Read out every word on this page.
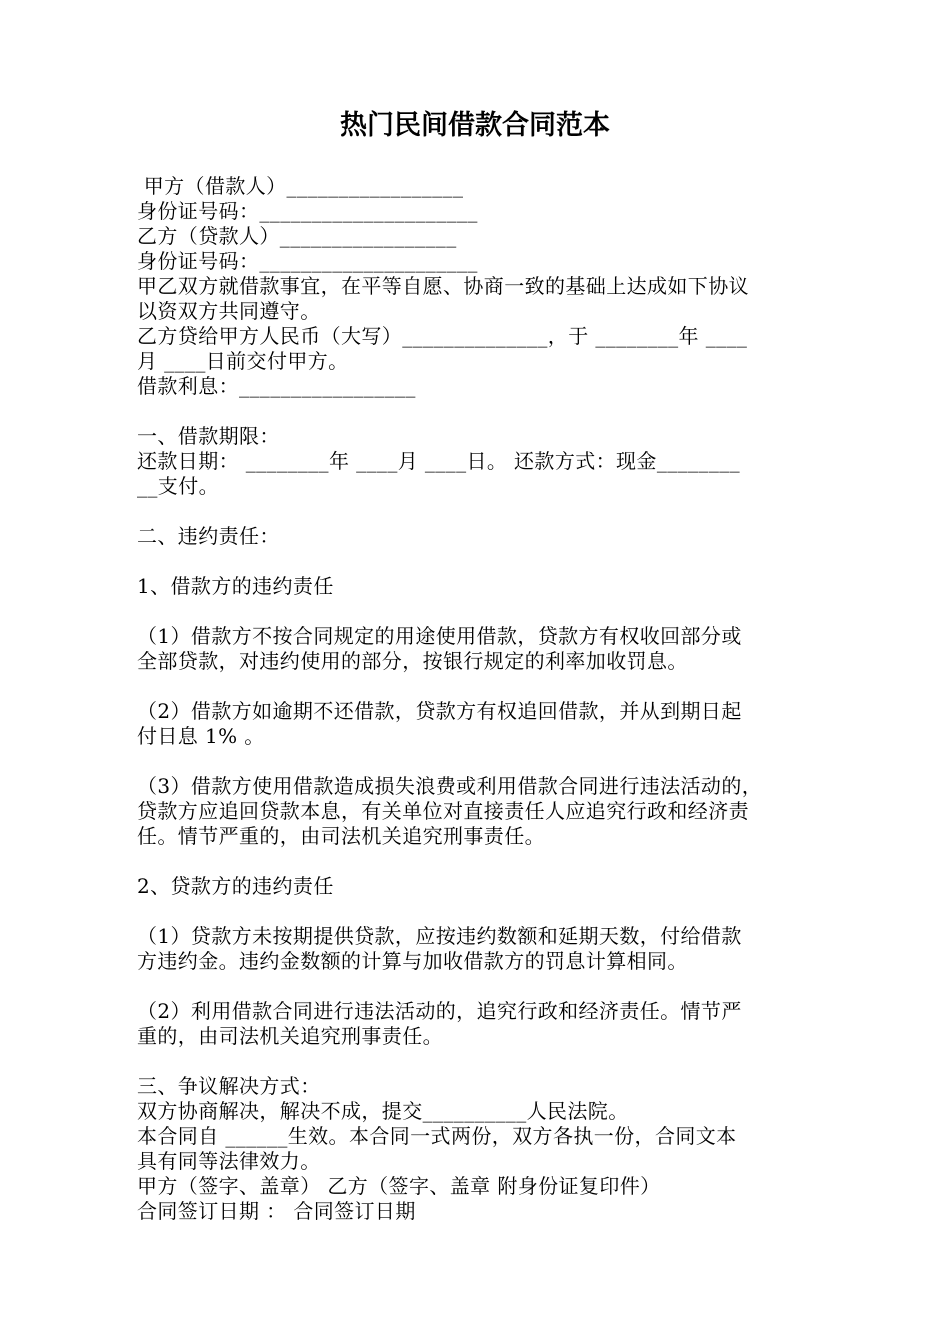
热门民间借款合同范本
甲方（借款人）_________________
身份证号码：_____________________
乙方（贷款人）_________________
身份证号码：_____________________
甲乙双方就借款事宜，在平等自愿、协商一致的基础上达成如下协议
以资双方共同遵守。
乙方贷给甲方人民币（大写）______________，于 ________年 ____
月 ____日前交付甲方。
借款利息：_________________
一、借款期限：
还款日期： ________年 ____月 ____日。 还款方式：现金________
__支付。
二、违约责任：
1、借款方的违约责任
（1）借款方不按合同规定的用途使用借款，贷款方有权收回部分或
全部贷款，对违约使用的部分，按银行规定的利率加收罚息。
（2）借款方如逾期不还借款，贷款方有权追回借款，并从到期日起
付日息 1% 。
（3）借款方使用借款造成损失浪费或利用借款合同进行违法活动的，
贷款方应追回贷款本息，有关单位对直接责任人应追究行政和经济责
任。情节严重的，由司法机关追究刑事责任。
2、贷款方的违约责任
（1）贷款方未按期提供贷款，应按违约数额和延期天数，付给借款
方违约金。违约金数额的计算与加收借款方的罚息计算相同。
（2）利用借款合同进行违法活动的，追究行政和经济责任。情节严
重的，由司法机关追究刑事责任。
三、争议解决方式：
双方协商解决，解决不成，提交__________人民法院。
本合同自 ______生效。本合同一式两份，双方各执一份，合同文本
具有同等法律效力。
甲方（签字、盖章） 乙方（签字、盖章 附身份证复印件）
合同签订日期 ： 合同签订日期
